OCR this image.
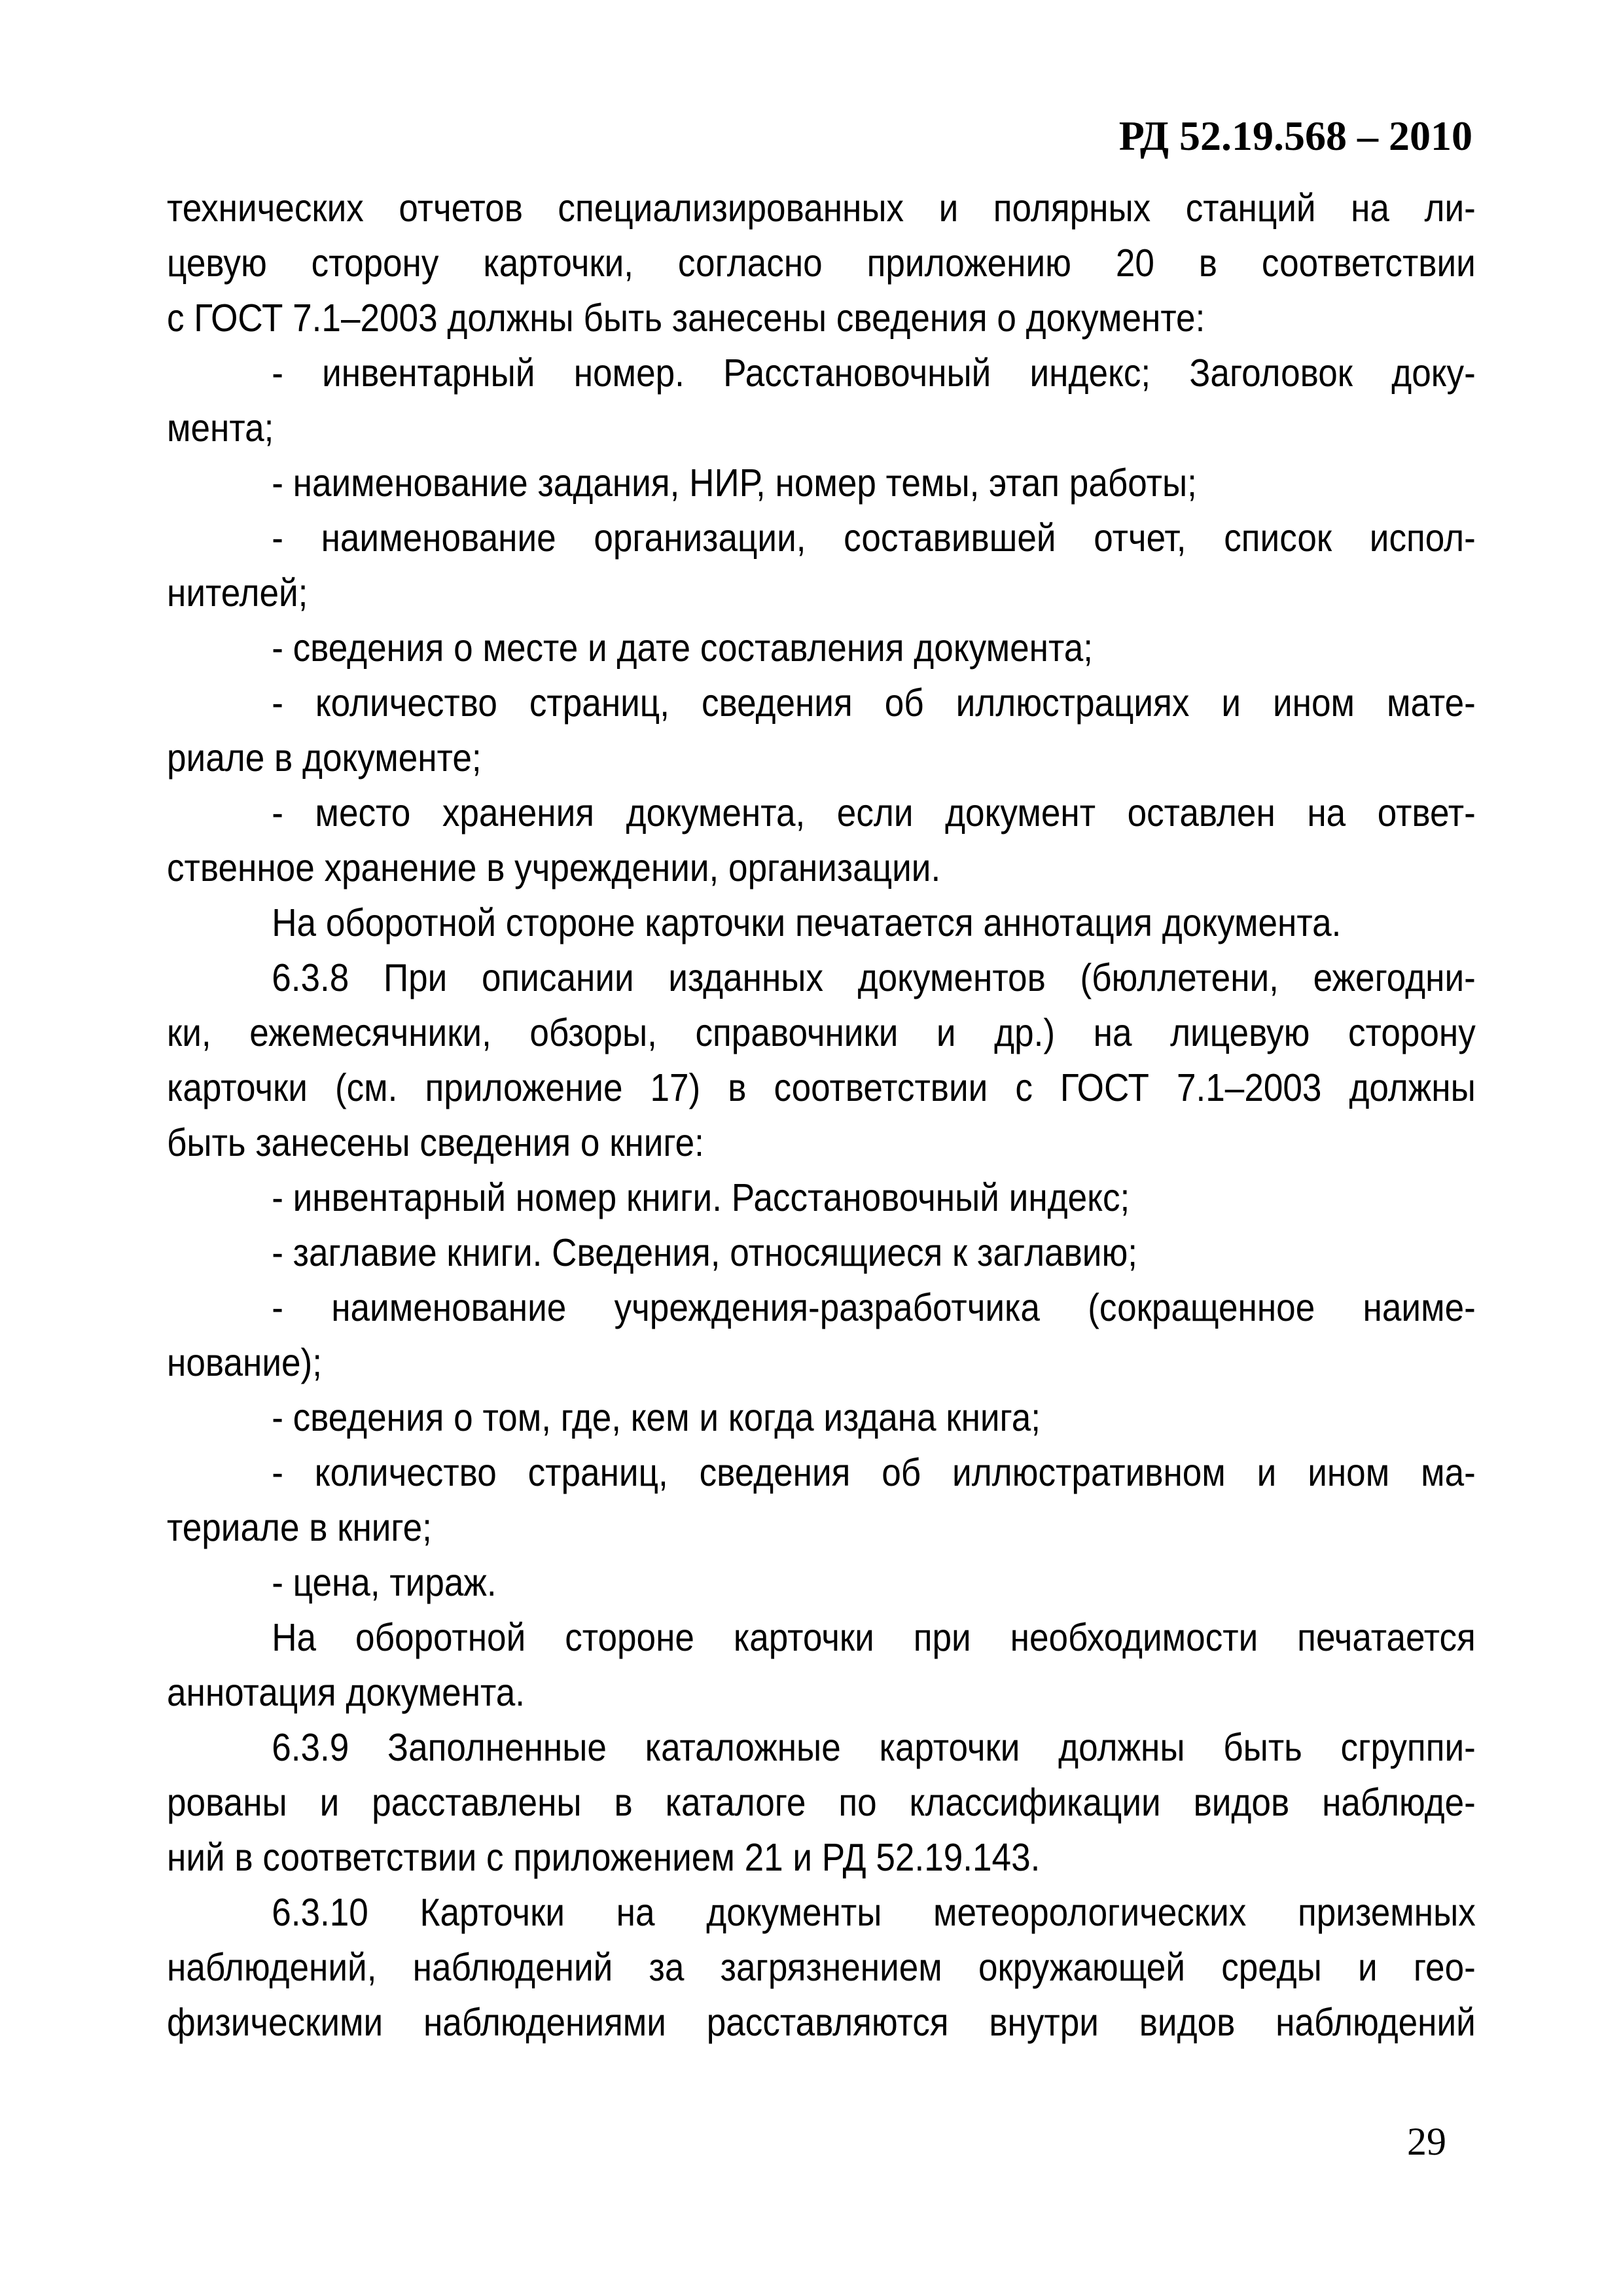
РД 52.19.568 – 2010
технических отчетов специализированных и полярных станций на ли-
цевую сторону карточки, согласно приложению 20 в соответствии
с ГОСТ 7.1–2003 должны быть занесены сведения о документе:
- инвентарный номер. Расстановочный индекс; Заголовок доку-
мента;
- наименование задания, НИР, номер темы, этап работы;
- наименование организации, составившей отчет, список испол-
нителей;
- сведения о месте и дате составления документа;
- количество страниц, сведения об иллюстрациях и ином мате-
риале в документе;
- место хранения документа, если документ оставлен на ответ-
ственное хранение в учреждении, организации.
На оборотной стороне карточки печатается аннотация документа.
6.3.8 При описании изданных документов (бюллетени, ежегодни-
ки, ежемесячники, обзоры, справочники и др.) на лицевую сторону
карточки (см. приложение 17) в соответствии с ГОСТ 7.1–2003 должны
быть занесены сведения о книге:
- инвентарный номер книги. Расстановочный индекс;
- заглавие книги. Сведения, относящиеся к заглавию;
- наименование учреждения-разработчика (сокращенное наиме-
нование);
- сведения о том, где, кем и когда издана книга;
- количество страниц, сведения об иллюстративном и ином ма-
териале в книге;
- цена, тираж.
На оборотной стороне карточки при необходимости печатается
аннотация документа.
6.3.9 Заполненные каталожные карточки должны быть сгруппи-
рованы и расставлены в каталоге по классификации видов наблюде-
ний в соответствии с приложением 21 и РД 52.19.143.
6.3.10 Карточки на документы метеорологических приземных
наблюдений, наблюдений за загрязнением окружающей среды и гео-
физическими наблюдениями расставляются внутри видов наблюдений
29
